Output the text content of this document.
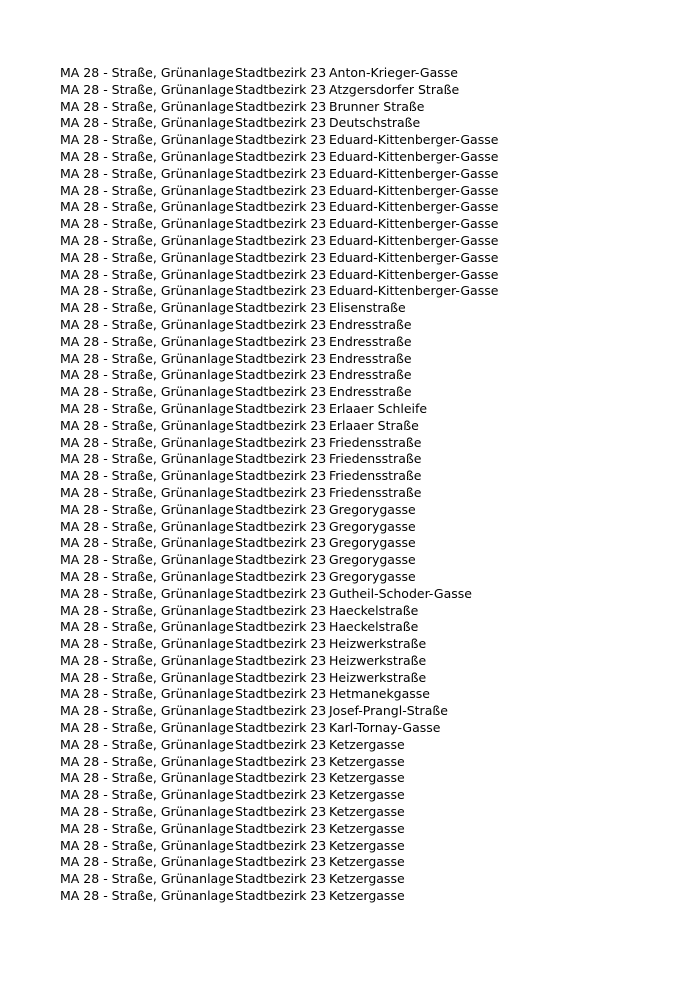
MA 28 - Straße, Grünanlage	Stadtbezirk 23	Anton-Krieger-Gasse
MA 28 - Straße, Grünanlage	Stadtbezirk 23	Atzgersdorfer Straße
MA 28 - Straße, Grünanlage	Stadtbezirk 23	Brunner Straße
MA 28 - Straße, Grünanlage	Stadtbezirk 23	Deutschstraße
MA 28 - Straße, Grünanlage	Stadtbezirk 23	Eduard-Kittenberger-Gasse
MA 28 - Straße, Grünanlage	Stadtbezirk 23	Eduard-Kittenberger-Gasse
MA 28 - Straße, Grünanlage	Stadtbezirk 23	Eduard-Kittenberger-Gasse
MA 28 - Straße, Grünanlage	Stadtbezirk 23	Eduard-Kittenberger-Gasse
MA 28 - Straße, Grünanlage	Stadtbezirk 23	Eduard-Kittenberger-Gasse
MA 28 - Straße, Grünanlage	Stadtbezirk 23	Eduard-Kittenberger-Gasse
MA 28 - Straße, Grünanlage	Stadtbezirk 23	Eduard-Kittenberger-Gasse
MA 28 - Straße, Grünanlage	Stadtbezirk 23	Eduard-Kittenberger-Gasse
MA 28 - Straße, Grünanlage	Stadtbezirk 23	Eduard-Kittenberger-Gasse
MA 28 - Straße, Grünanlage	Stadtbezirk 23	Eduard-Kittenberger-Gasse
MA 28 - Straße, Grünanlage	Stadtbezirk 23	Elisenstraße
MA 28 - Straße, Grünanlage	Stadtbezirk 23	Endresstraße
MA 28 - Straße, Grünanlage	Stadtbezirk 23	Endresstraße
MA 28 - Straße, Grünanlage	Stadtbezirk 23	Endresstraße
MA 28 - Straße, Grünanlage	Stadtbezirk 23	Endresstraße
MA 28 - Straße, Grünanlage	Stadtbezirk 23	Endresstraße
MA 28 - Straße, Grünanlage	Stadtbezirk 23	Erlaaer Schleife
MA 28 - Straße, Grünanlage	Stadtbezirk 23	Erlaaer Straße
MA 28 - Straße, Grünanlage	Stadtbezirk 23	Friedensstraße
MA 28 - Straße, Grünanlage	Stadtbezirk 23	Friedensstraße
MA 28 - Straße, Grünanlage	Stadtbezirk 23	Friedensstraße
MA 28 - Straße, Grünanlage	Stadtbezirk 23	Friedensstraße
MA 28 - Straße, Grünanlage	Stadtbezirk 23	Gregorygasse
MA 28 - Straße, Grünanlage	Stadtbezirk 23	Gregorygasse
MA 28 - Straße, Grünanlage	Stadtbezirk 23	Gregorygasse
MA 28 - Straße, Grünanlage	Stadtbezirk 23	Gregorygasse
MA 28 - Straße, Grünanlage	Stadtbezirk 23	Gregorygasse
MA 28 - Straße, Grünanlage	Stadtbezirk 23	Gutheil-Schoder-Gasse
MA 28 - Straße, Grünanlage	Stadtbezirk 23	Haeckelstraße
MA 28 - Straße, Grünanlage	Stadtbezirk 23	Haeckelstraße
MA 28 - Straße, Grünanlage	Stadtbezirk 23	Heizwerkstraße
MA 28 - Straße, Grünanlage	Stadtbezirk 23	Heizwerkstraße
MA 28 - Straße, Grünanlage	Stadtbezirk 23	Heizwerkstraße
MA 28 - Straße, Grünanlage	Stadtbezirk 23	Hetmanekgasse
MA 28 - Straße, Grünanlage	Stadtbezirk 23	Josef-Prangl-Straße
MA 28 - Straße, Grünanlage	Stadtbezirk 23	Karl-Tornay-Gasse
MA 28 - Straße, Grünanlage	Stadtbezirk 23	Ketzergasse
MA 28 - Straße, Grünanlage	Stadtbezirk 23	Ketzergasse
MA 28 - Straße, Grünanlage	Stadtbezirk 23	Ketzergasse
MA 28 - Straße, Grünanlage	Stadtbezirk 23	Ketzergasse
MA 28 - Straße, Grünanlage	Stadtbezirk 23	Ketzergasse
MA 28 - Straße, Grünanlage	Stadtbezirk 23	Ketzergasse
MA 28 - Straße, Grünanlage	Stadtbezirk 23	Ketzergasse
MA 28 - Straße, Grünanlage	Stadtbezirk 23	Ketzergasse
MA 28 - Straße, Grünanlage	Stadtbezirk 23	Ketzergasse
MA 28 - Straße, Grünanlage	Stadtbezirk 23	Ketzergasse
